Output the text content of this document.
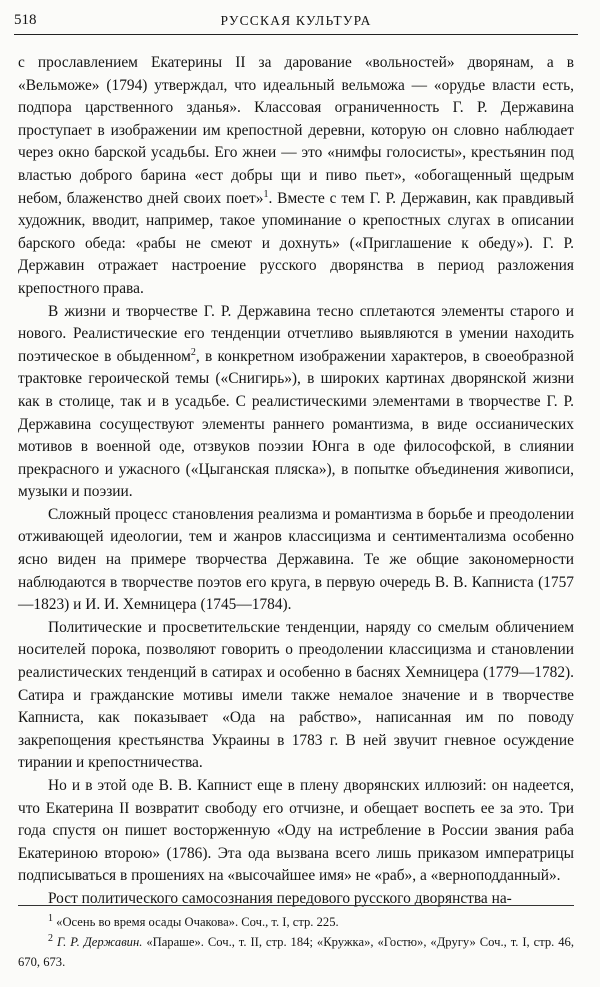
518	РУССКАЯ КУЛЬТУРА

с прославлением Екатерины II за дарование «вольностей» дворянам, а в «Вельможе» (1794) утверждал, что идеальный вельможа — «орудье власти есть, подпора царственного зданья». Классовая ограниченность Г. Р. Державина проступает в изображении им крепостной деревни, которую он словно наблюдает через окно барской усадьбы. Его жнеи — это «нимфы голосисты», крестьянин под властью доброго барина «ест добры щи и пиво пьет», «обогащенный щедрым небом, блаженство дней своих поет»$^1$. Вместе с тем Г. Р. Державин, как правдивый художник, вводит, например, такое упоминание о крепостных слугах в описании барского обеда: «рабы не смеют и дохнуть» («Приглашение к обеду»). Г. Р. Державин отражает настроение русского дворянства в период разложения крепостного права.

В жизни и творчестве Г. Р. Державина тесно сплетаются элементы старого и нового. Реалистические его тенденции отчетливо выявляются в умении находить поэтическое в обыденном$^2$, в конкретном изображении характеров, в своеобразной трактовке героической темы («Снигирь»), в широких картинах дворянской жизни как в столице, так и в усадьбе. С реалистическими элементами в творчестве Г. Р. Державина сосуществуют элементы раннего романтизма, в виде оссианических мотивов в военной оде, отзвуков поэзии Юнга в оде философской, в слиянии прекрасного и ужасного («Цыганская пляска»), в попытке объединения живописи, музыки и поэзии.

Сложный процесс становления реализма и романтизма в борьбе и преодолении отживающей идеологии, тем и жанров классицизма и сентиментализма особенно ясно виден на примере творчества Державина. Те же общие закономерности наблюдаются в творчестве поэтов его круга, в первую очередь В. В. Капниста (1757—1823) и И. И. Хемницера (1745—1784).

Политические и просветительские тенденции, наряду со смелым обличением носителей порока, позволяют говорить о преодолении классицизма и становлении реалистических тенденций в сатирах и особенно в баснях Хемницера (1779—1782). Сатира и гражданские мотивы имели также немалое значение и в творчестве Капниста, как показывает «Ода на рабство», написанная им по поводу закрепощения крестьянства Украины в 1783 г. В ней звучит гневное осуждение тирании и крепостничества.

Но и в этой оде В. В. Капнист еще в плену дворянских иллюзий: он надеется, что Екатерина II возвратит свободу его отчизне, и обещает воспеть ее за это. Три года спустя он пишет восторженную «Оду на истребление в России звания раба Екатериною второю» (1786). Эта ода вызвана всего лишь приказом императрицы подписываться в прошениях на «высочайшее имя» не «раб», а «верноподданный».

Рост политического самосознания передового русского дворянства на-

$^1$ «Осень во время осады Очакова». Соч., т. I, стр. 225.

$^2$ Г. Р. Державин. «Параше». Соч., т. II, стр. 184; «Кружка», «Гостю», «Другу» Соч., т. I, стр. 46, 670, 673.
